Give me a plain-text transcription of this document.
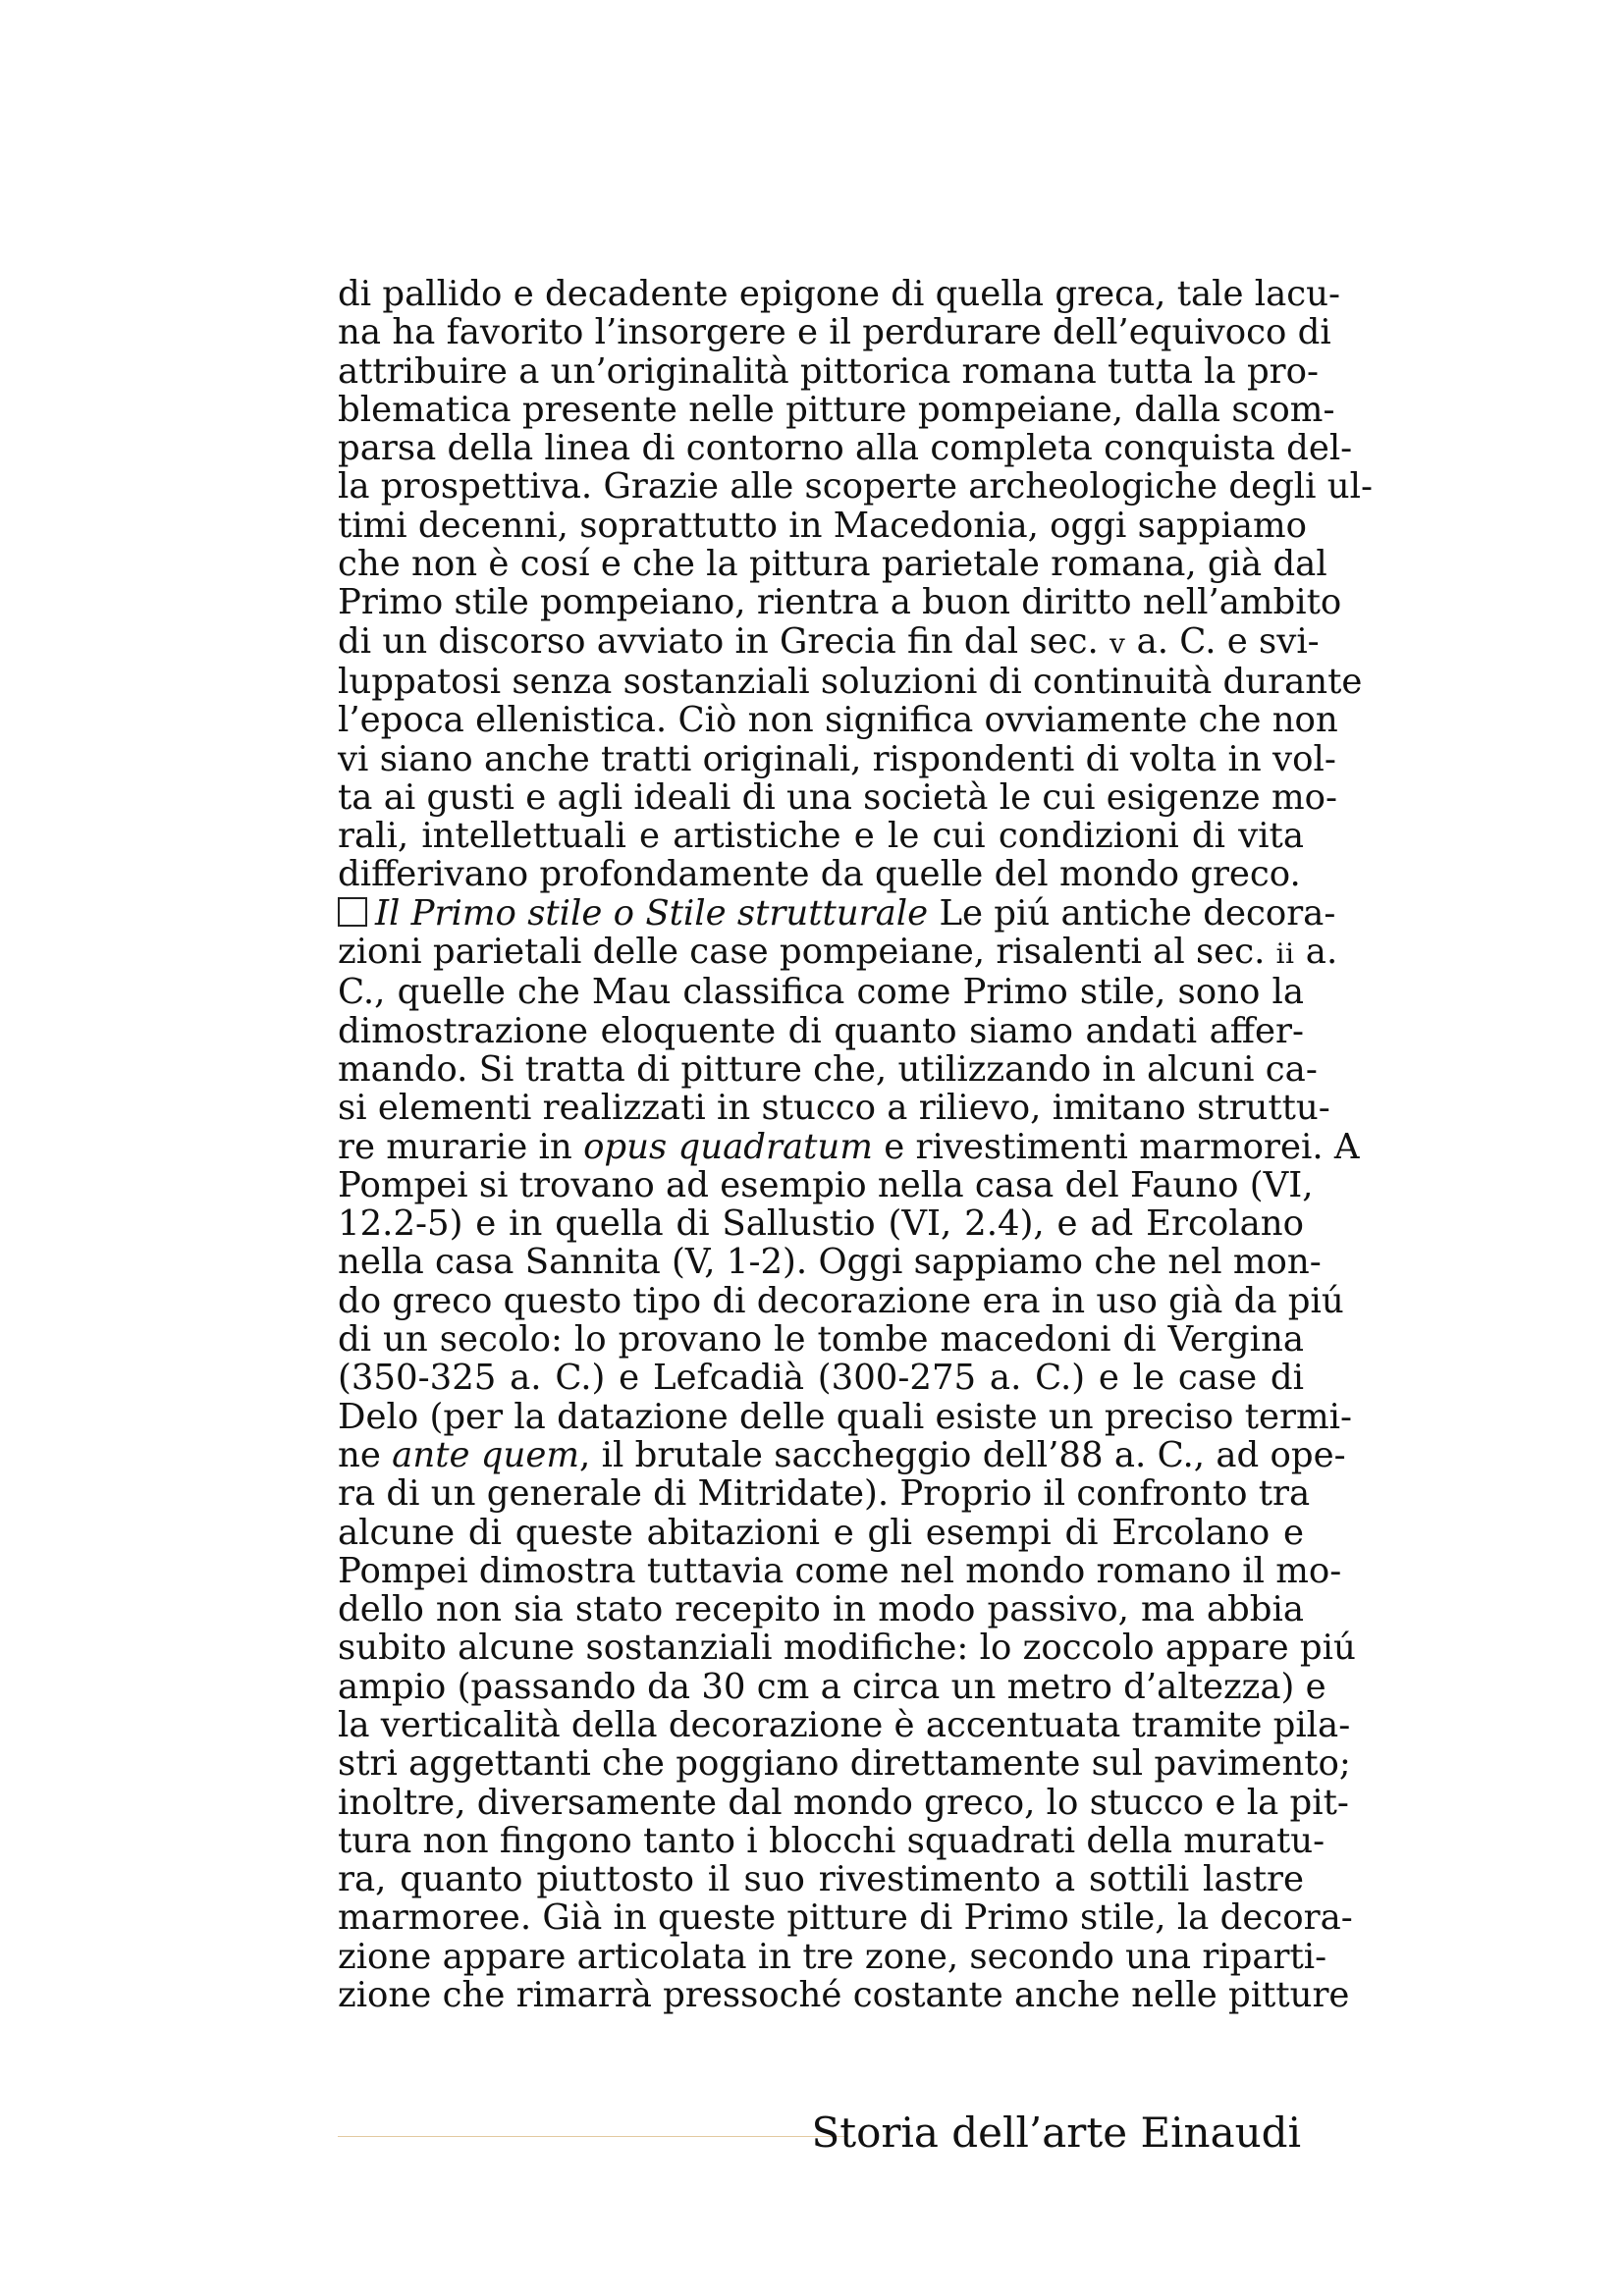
di pallido e decadente epigone di quella greca, tale lacu-
na ha favorito l’insorgere e il perdurare dell’equivoco di
attribuire a un’originalità pittorica romana tutta la pro-
blematica presente nelle pitture pompeiane, dalla scom-
parsa della linea di contorno alla completa conquista del-
la prospettiva. Grazie alle scoperte archeologiche degli ul-
timi decenni, soprattutto in Macedonia, oggi sappiamo
che non è cosí e che la pittura parietale romana, già dal
Primo stile pompeiano, rientra a buon diritto nell’ambito
di un discorso avviato in Grecia fin dal sec. v a. C. e svi-
luppatosi senza sostanziali soluzioni di continuità durante
l’epoca ellenistica. Ciò non significa ovviamente che non
vi siano anche tratti originali, rispondenti di volta in vol-
ta ai gusti e agli ideali di una società le cui esigenze mo-
rali, intellettuali e artistiche e le cui condizioni di vita
differivano profondamente da quelle del mondo greco.
Il Primo stile o Stile strutturale Le piú antiche decora-
zioni parietali delle case pompeiane, risalenti al sec. ii a.
C., quelle che Mau classifica come Primo stile, sono la
dimostrazione eloquente di quanto siamo andati affer-
mando. Si tratta di pitture che, utilizzando in alcuni ca-
si elementi realizzati in stucco a rilievo, imitano struttu-
re murarie in opus quadratum e rivestimenti marmorei. A
Pompei si trovano ad esempio nella casa del Fauno (VI,
12.2-5) e in quella di Sallustio (VI, 2.4), e ad Ercolano
nella casa Sannita (V, 1-2). Oggi sappiamo che nel mon-
do greco questo tipo di decorazione era in uso già da piú
di un secolo: lo provano le tombe macedoni di Vergina
(350-325 a. C.) e Lefcadià (300-275 a. C.) e le case di
Delo (per la datazione delle quali esiste un preciso termi-
ne ante quem, il brutale saccheggio dell’88 a. C., ad ope-
ra di un generale di Mitridate). Proprio il confronto tra
alcune di queste abitazioni e gli esempi di Ercolano e
Pompei dimostra tuttavia come nel mondo romano il mo-
dello non sia stato recepito in modo passivo, ma abbia
subito alcune sostanziali modifiche: lo zoccolo appare piú
ampio (passando da 30 cm a circa un metro d’altezza) e
la verticalità della decorazione è accentuata tramite pila-
stri aggettanti che poggiano direttamente sul pavimento;
inoltre, diversamente dal mondo greco, lo stucco e la pit-
tura non fingono tanto i blocchi squadrati della muratu-
ra, quanto piuttosto il suo rivestimento a sottili lastre
marmoree. Già in queste pitture di Primo stile, la decora-
zione appare articolata in tre zone, secondo una riparti-
zione che rimarrà pressoché costante anche nelle pitture
Storia dell’arte Einaudi
